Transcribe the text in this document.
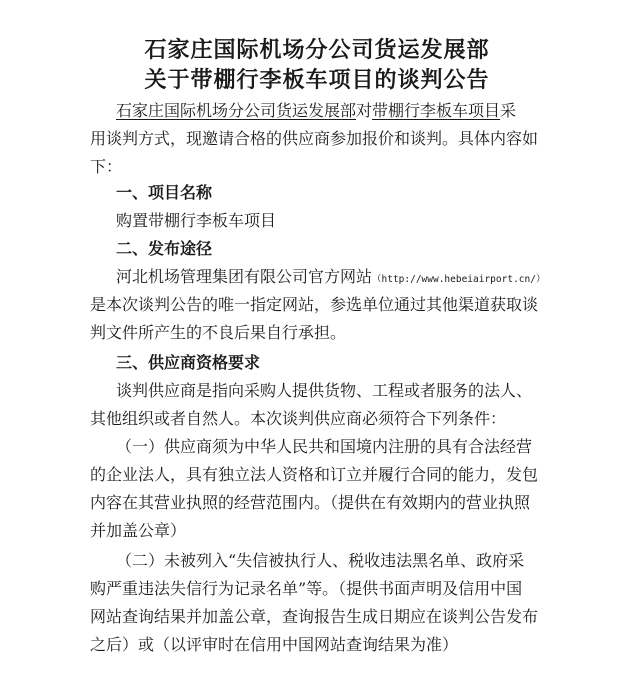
石家庄国际机场分公司货运发展部
关于带棚行李板车项目的谈判公告
石家庄国际机场分公司货运发展部对带棚行李板车项目采
用谈判方式，现邀请合格的供应商参加报价和谈判。具体内容如
下：
一、项目名称
购置带棚行李板车项目
二、发布途径
河北机场管理集团有限公司官方网站（http://www.hebeiairport.cn/）
是本次谈判公告的唯一指定网站，参选单位通过其他渠道获取谈
判文件所产生的不良后果自行承担。
三、供应商资格要求
谈判供应商是指向采购人提供货物、工程或者服务的法人、
其他组织或者自然人。本次谈判供应商必须符合下列条件：
（一）供应商须为中华人民共和国境内注册的具有合法经营
的企业法人，具有独立法人资格和订立并履行合同的能力，发包
内容在其营业执照的经营范围内。（提供在有效期内的营业执照
并加盖公章）
（二）未被列入“失信被执行人、税收违法黑名单、政府采
购严重违法失信行为记录名单”等。（提供书面声明及信用中国
网站查询结果并加盖公章，查询报告生成日期应在谈判公告发布
之后）或（以评审时在信用中国网站查询结果为准）
